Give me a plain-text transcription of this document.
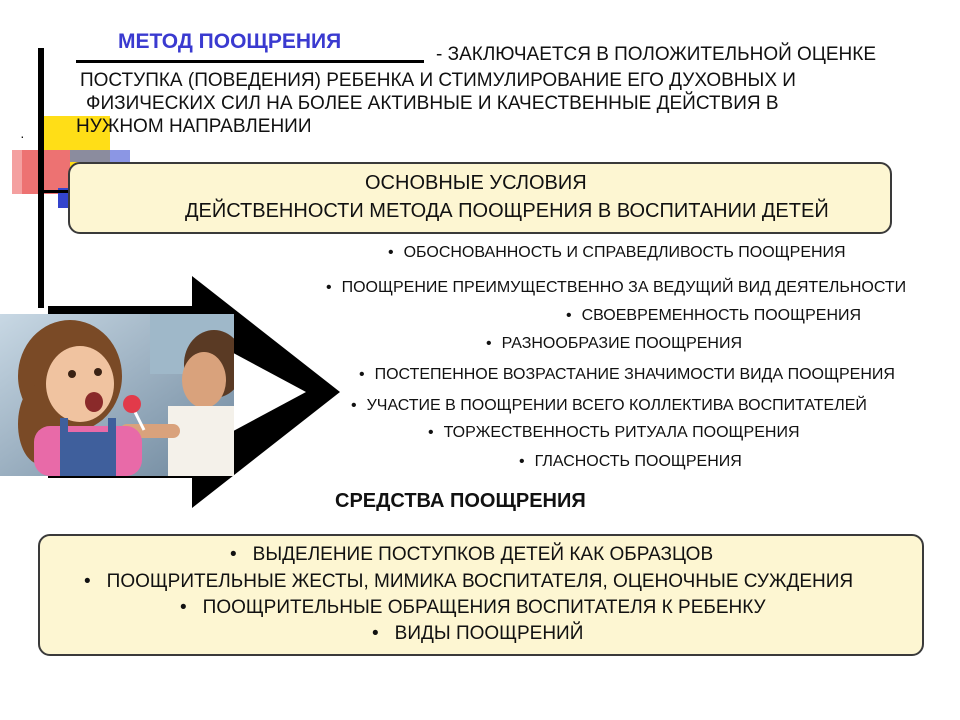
·
МЕТОД ПООЩРЕНИЯ
- ЗАКЛЮЧАЕТСЯ В ПОЛОЖИТЕЛЬНОЙ ОЦЕНКЕ
ПОСТУПКА (ПОВЕДЕНИЯ) РЕБЕНКА И СТИМУЛИРОВАНИЕ ЕГО ДУХОВНЫХ И
ФИЗИЧЕСКИХ СИЛ НА БОЛЕЕ АКТИВНЫЕ И КАЧЕСТВЕННЫЕ ДЕЙСТВИЯ В
НУЖНОМ НАПРАВЛЕНИИ
ОСНОВНЫЕ УСЛОВИЯ
ДЕЙСТВЕННОСТИ МЕТОДА ПООЩРЕНИЯ В ВОСПИТАНИИ ДЕТЕЙ
• ОБОСНОВАННОСТЬ И СПРАВЕДЛИВОСТЬ ПООЩРЕНИЯ
• ПООЩРЕНИЕ ПРЕИМУЩЕСТВЕННО ЗА ВЕДУЩИЙ ВИД ДЕЯТЕЛЬНОСТИ
• СВОЕВРЕМЕННОСТЬ ПООЩРЕНИЯ
• РАЗНООБРАЗИЕ ПООЩРЕНИЯ
• ПОСТЕПЕННОЕ ВОЗРАСТАНИЕ ЗНАЧИМОСТИ ВИДА ПООЩРЕНИЯ
• УЧАСТИЕ В ПООЩРЕНИИ ВСЕГО КОЛЛЕКТИВА ВОСПИТАТЕЛЕЙ
• ТОРЖЕСТВЕННОСТЬ РИТУАЛА ПООЩРЕНИЯ
• ГЛАСНОСТЬ ПООЩРЕНИЯ
СРЕДСТВА ПООЩРЕНИЯ
• ВЫДЕЛЕНИЕ ПОСТУПКОВ ДЕТЕЙ КАК ОБРАЗЦОВ
• ПООЩРИТЕЛЬНЫЕ ЖЕСТЫ, МИМИКА ВОСПИТАТЕЛЯ, ОЦЕНОЧНЫЕ СУЖДЕНИЯ
• ПООЩРИТЕЛЬНЫЕ ОБРАЩЕНИЯ ВОСПИТАТЕЛЯ К РЕБЕНКУ
• ВИДЫ ПООЩРЕНИЙ
